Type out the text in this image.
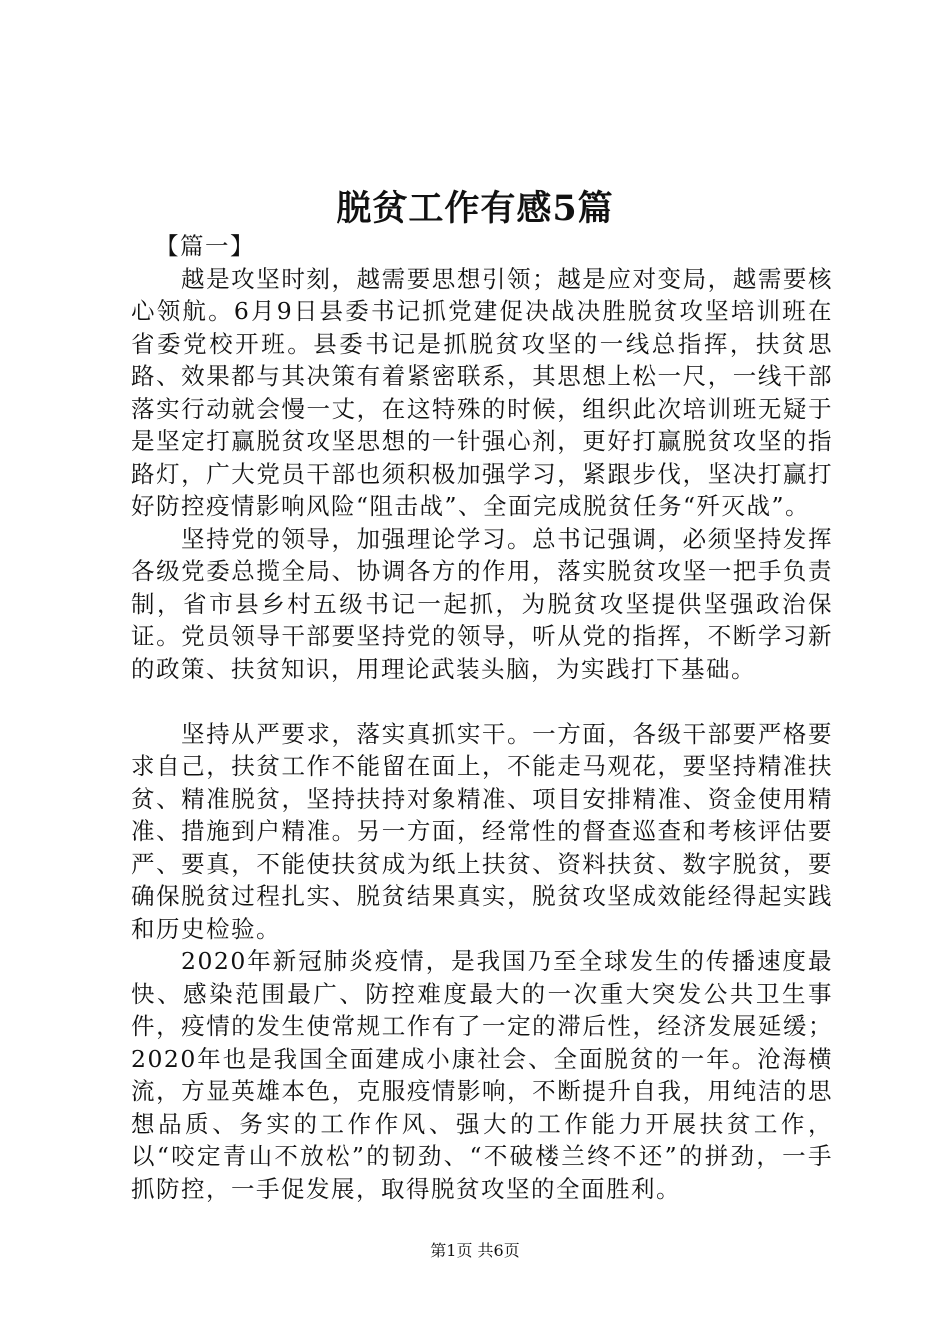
脱贫工作有感5篇

【篇一】

越是攻坚时刻，越需要思想引领；越是应对变局，越需要核心领航。6月9日县委书记抓党建促决战决胜脱贫攻坚培训班在省委党校开班。县委书记是抓脱贫攻坚的一线总指挥，扶贫思路、效果都与其决策有着紧密联系，其思想上松一尺，一线干部落实行动就会慢一丈，在这特殊的时候，组织此次培训班无疑于是坚定打赢脱贫攻坚思想的一针强心剂，更好打赢脱贫攻坚的指路灯，广大党员干部也须积极加强学习，紧跟步伐，坚决打赢打好防控疫情影响风险“阻击战”、全面完成脱贫任务“歼灭战”。

坚持党的领导，加强理论学习。总书记强调，必须坚持发挥各级党委总揽全局、协调各方的作用，落实脱贫攻坚一把手负责制，省市县乡村五级书记一起抓，为脱贫攻坚提供坚强政治保证。党员领导干部要坚持党的领导，听从党的指挥，不断学习新的政策、扶贫知识，用理论武装头脑，为实践打下基础。

坚持从严要求，落实真抓实干。一方面，各级干部要严格要求自己，扶贫工作不能留在面上，不能走马观花，要坚持精准扶贫、精准脱贫，坚持扶持对象精准、项目安排精准、资金使用精准、措施到户精准。另一方面，经常性的督查巡查和考核评估要严、要真，不能使扶贫成为纸上扶贫、资料扶贫、数字脱贫，要确保脱贫过程扎实、脱贫结果真实，脱贫攻坚成效能经得起实践和历史检验。

2020年新冠肺炎疫情，是我国乃至全球发生的传播速度最快、感染范围最广、防控难度最大的一次重大突发公共卫生事件，疫情的发生使常规工作有了一定的滞后性，经济发展延缓；2020年也是我国全面建成小康社会、全面脱贫的一年。沧海横流，方显英雄本色，克服疫情影响，不断提升自我，用纯洁的思想品质、务实的工作作风、强大的工作能力开展扶贫工作，以“咬定青山不放松”的韧劲、“不破楼兰终不还”的拼劲，一手抓防控，一手促发展，取得脱贫攻坚的全面胜利。

第1页 共6页
